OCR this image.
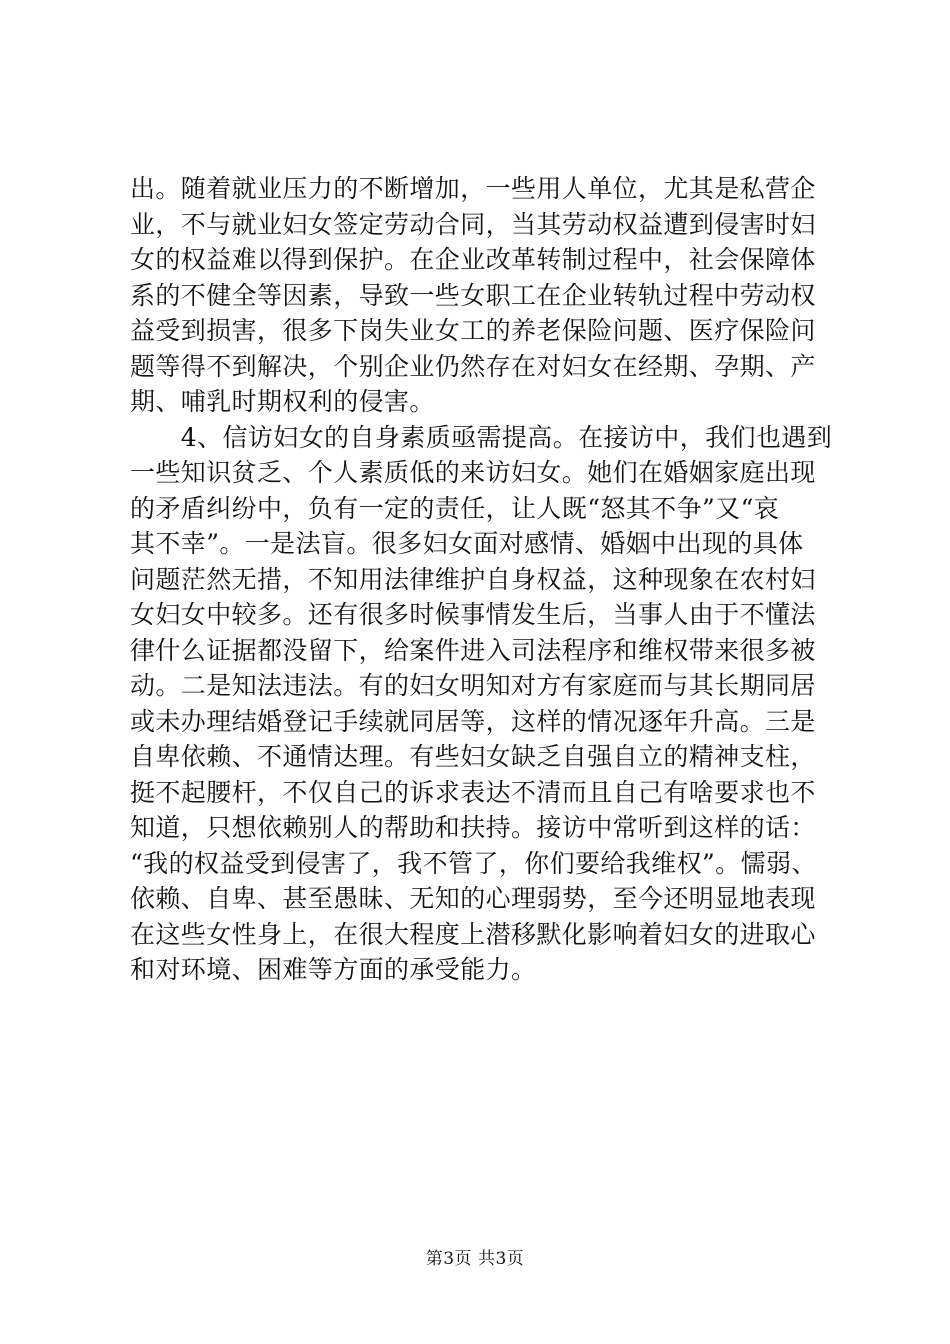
出。随着就业压力的不断增加，一些用人单位，尤其是私营企
业，不与就业妇女签定劳动合同，当其劳动权益遭到侵害时妇
女的权益难以得到保护。在企业改革转制过程中，社会保障体
系的不健全等因素，导致一些女职工在企业转轨过程中劳动权
益受到损害，很多下岗失业女工的养老保险问题、医疗保险问
题等得不到解决，个别企业仍然存在对妇女在经期、孕期、产
期、哺乳时期权利的侵害。
　　4、信访妇女的自身素质亟需提高。在接访中，我们也遇到
一些知识贫乏、个人素质低的来访妇女。她们在婚姻家庭出现
的矛盾纠纷中，负有一定的责任，让人既“怒其不争”又“哀
其不幸”。一是法盲。很多妇女面对感情、婚姻中出现的具体
问题茫然无措，不知用法律维护自身权益，这种现象在农村妇
女妇女中较多。还有很多时候事情发生后，当事人由于不懂法
律什么证据都没留下，给案件进入司法程序和维权带来很多被
动。二是知法违法。有的妇女明知对方有家庭而与其长期同居
或未办理结婚登记手续就同居等，这样的情况逐年升高。三是
自卑依赖、不通情达理。有些妇女缺乏自强自立的精神支柱，
挺不起腰杆，不仅自己的诉求表达不清而且自己有啥要求也不
知道，只想依赖别人的帮助和扶持。接访中常听到这样的话：
“我的权益受到侵害了，我不管了，你们要给我维权”。懦弱、
依赖、自卑、甚至愚昧、无知的心理弱势，至今还明显地表现
在这些女性身上，在很大程度上潜移默化影响着妇女的进取心
和对环境、困难等方面的承受能力。
第3页 共3页
